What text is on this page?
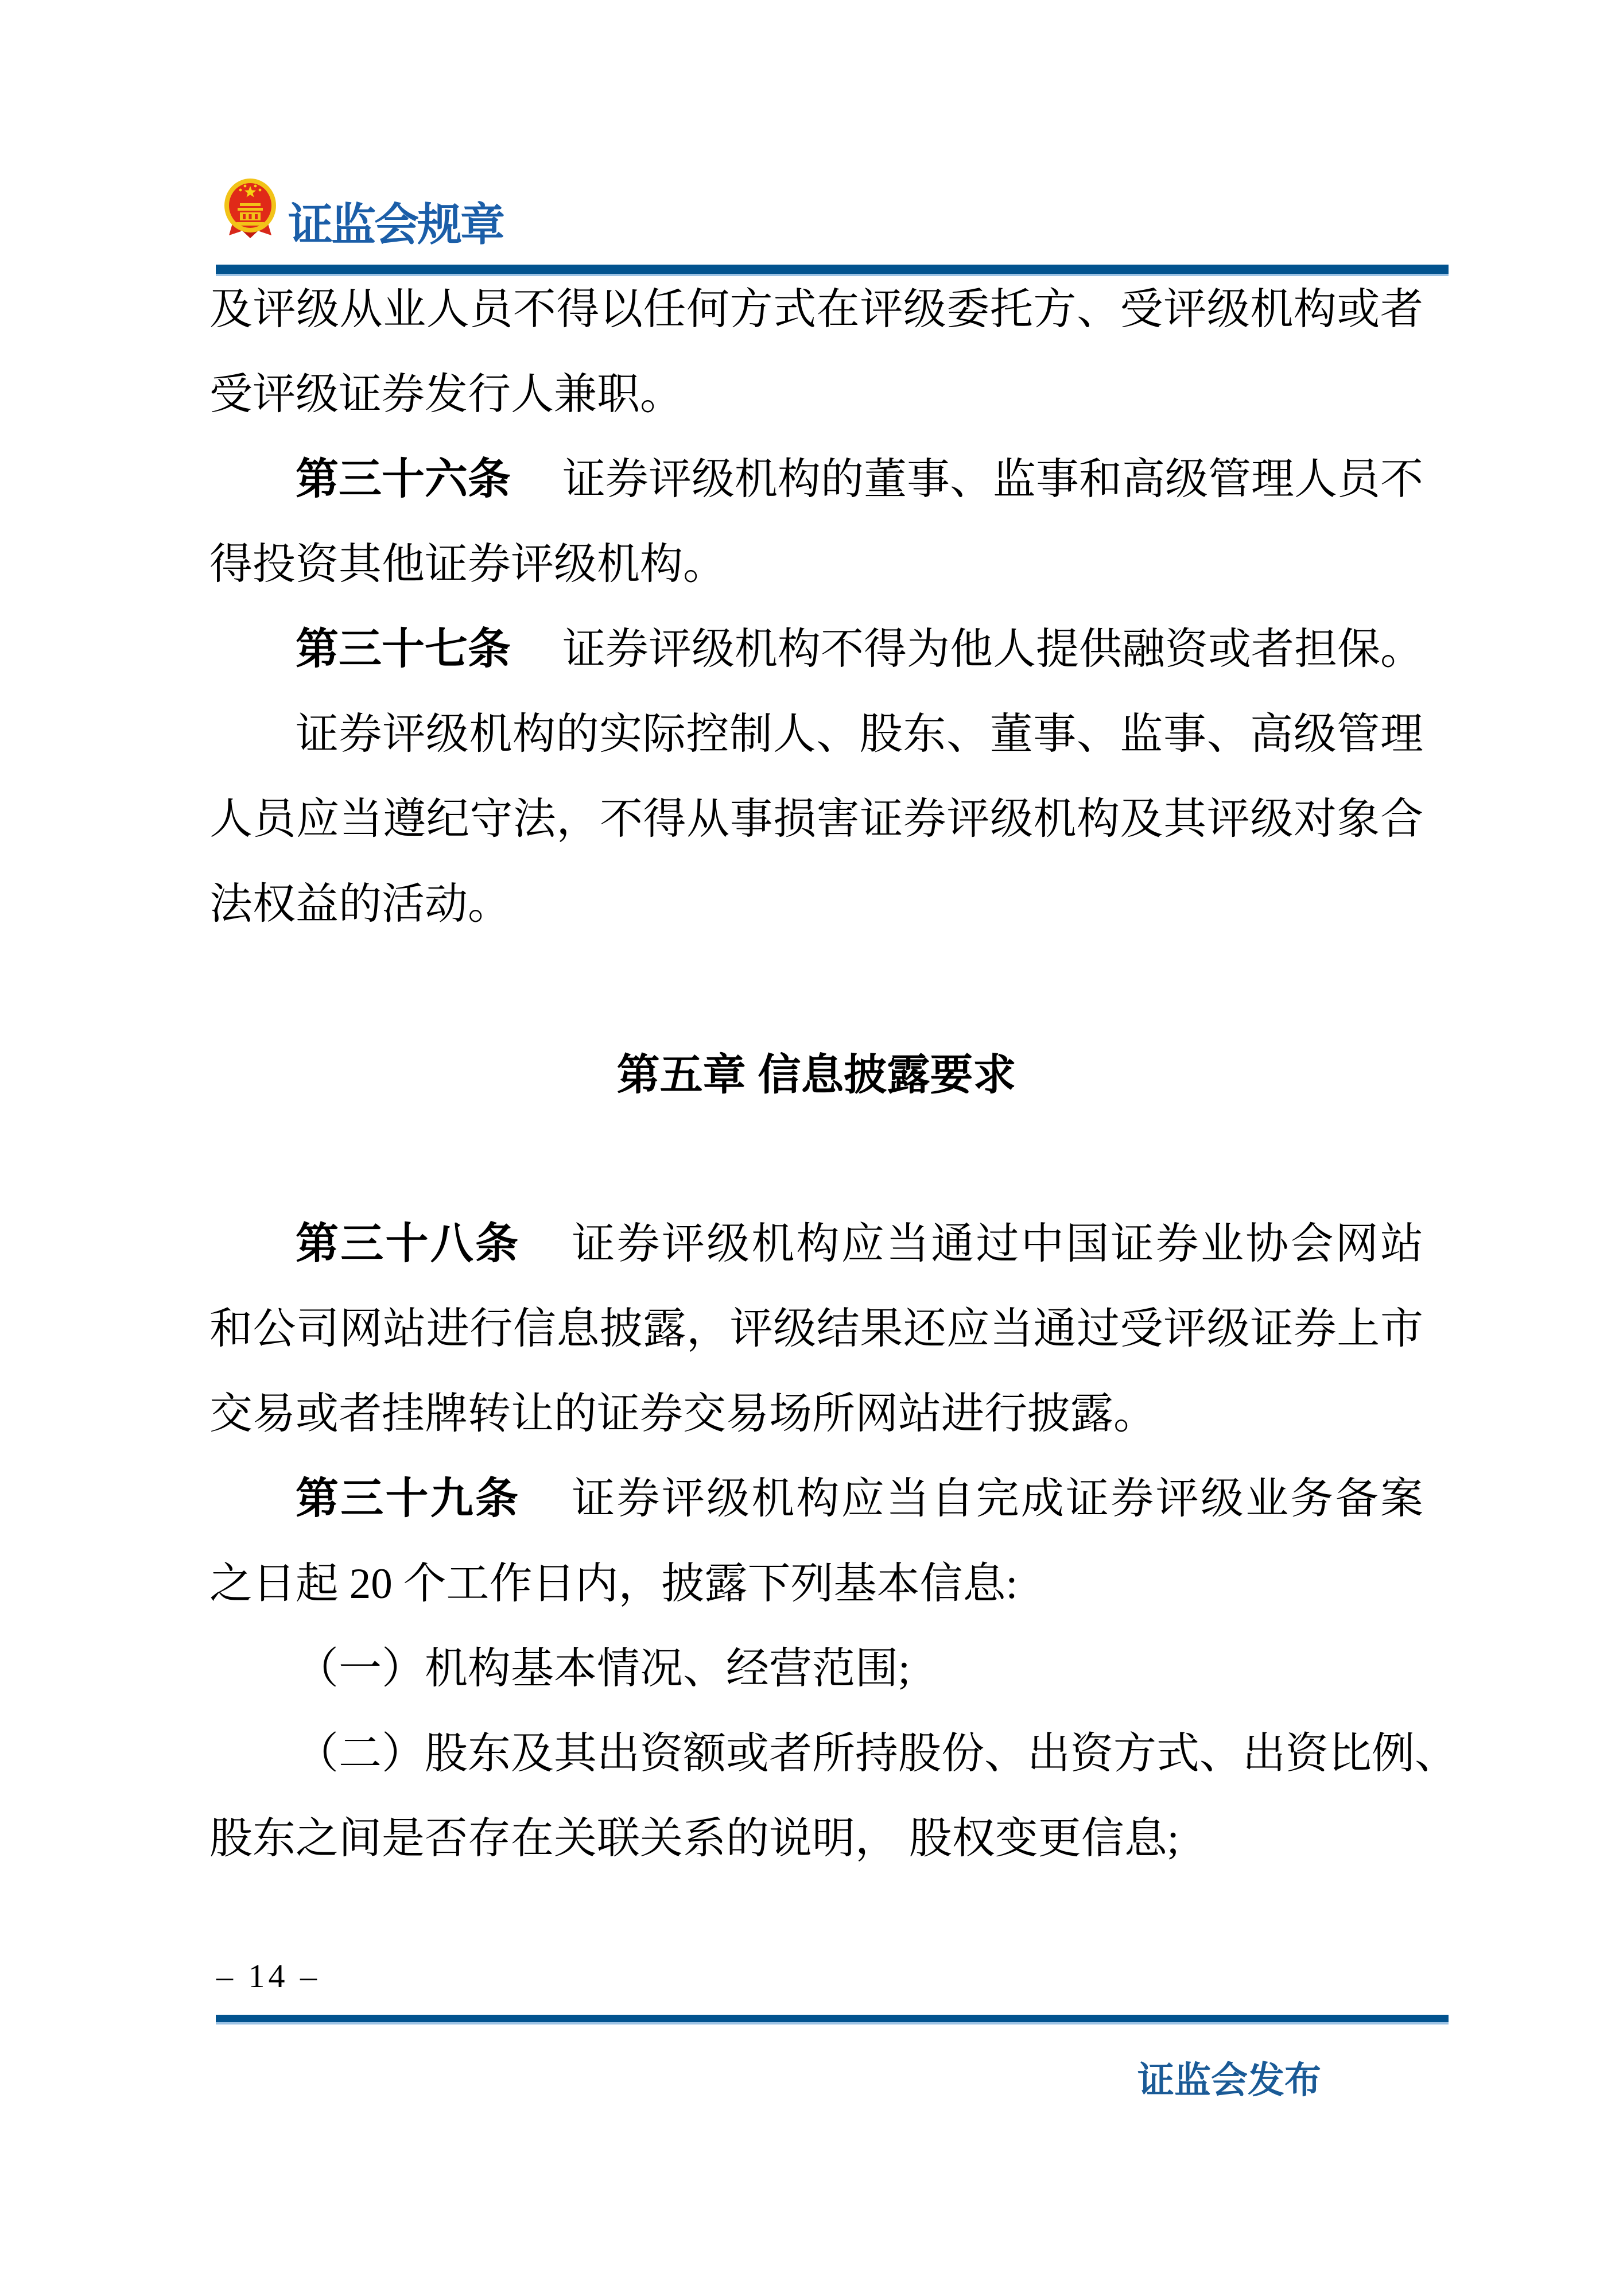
证监会规章
及评级从业人员不得以任何方式在评级委托方、受评级机构或者
受评级证券发行人兼职。
第三十六条 证券评级机构的董事、监事和高级管理人员不
得投资其他证券评级机构。
第三十七条 证券评级机构不得为他人提供融资或者担保。
证券评级机构的实际控制人、股东、董事、监事、高级管理
人员应当遵纪守法，不得从事损害证券评级机构及其评级对象合
法权益的活动。
第五章 信息披露要求
第三十八条 证券评级机构应当通过中国证券业协会网站
和公司网站进行信息披露，评级结果还应当通过受评级证券上市
交易或者挂牌转让的证券交易场所网站进行披露。
第三十九条 证券评级机构应当自完成证券评级业务备案
之日起 20 个工作日内，披露下列基本信息:
（一）机构基本情况、经营范围;
（二）股东及其出资额或者所持股份、出资方式、出资比例、
股东之间是否存在关联关系的说明， 股权变更信息;
– 14 –
证监会发布
